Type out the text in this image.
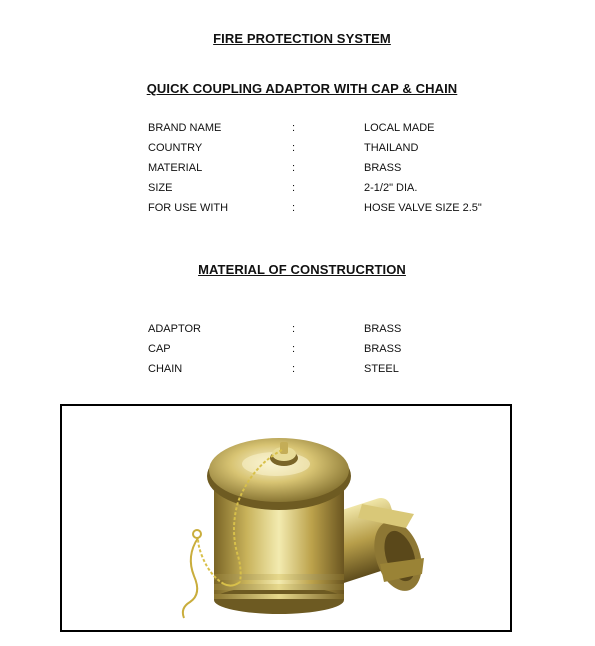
FIRE PROTECTION SYSTEM
QUICK COUPLING ADAPTOR WITH CAP & CHAIN
BRAND NAME	:	LOCAL MADE
COUNTRY	:	THAILAND
MATERIAL	:	BRASS
SIZE	:	2-1/2" DIA.
FOR USE WITH	:	HOSE VALVE SIZE 2.5"
MATERIAL OF CONSTRUCRTION
ADAPTOR	:	BRASS
CAP	:	BRASS
CHAIN	:	STEEL
